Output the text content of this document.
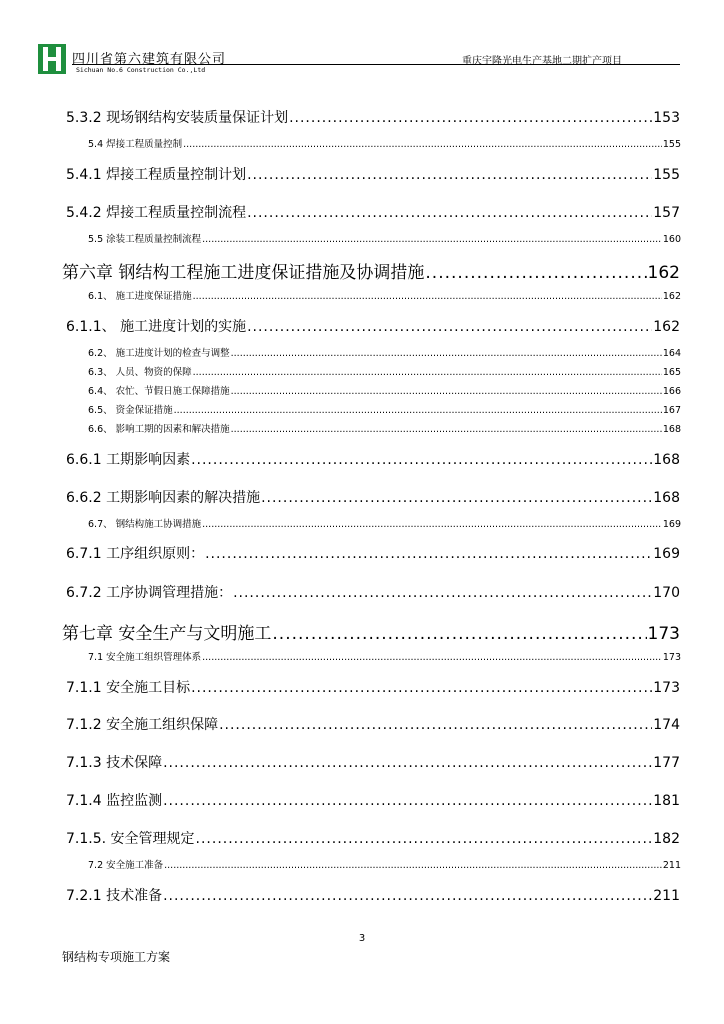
四川省第六建筑有限公司	重庆宇隆光电生产基地二期扩产项目
Sichuan No.6 Construction Co.,Ltd
5.3.2 现场钢结构安装质量保证计划 .....	153
5.4 焊接工程质量控制 .....	155
5.4.1 焊接工程质量控制计划 .....	155
5.4.2 焊接工程质量控制流程 .....	157
5.5 涂装工程质量控制流程 .....	160
第六章 钢结构工程施工进度保证措施及协调措施 .....	162
6.1、 施工进度保证措施 .....	162
6.1.1、 施工进度计划的实施 .....	162
6.2、 施工进度计划的检查与调整 .....	164
6.3、 人员、物资的保障 .....	165
6.4、 农忙、节假日施工保障措施 .....	166
6.5、 资金保证措施 .....	167
6.6、 影响工期的因素和解决措施 .....	168
6.6.1 工期影响因素 .....	168
6.6.2 工期影响因素的解决措施 .....	168
6.7、 钢结构施工协调措施 .....	169
6.7.1 工序组织原则： .....	169
6.7.2 工序协调管理措施： .....	170
第七章 安全生产与文明施工 .....	173
7.1 安全施工组织管理体系 .....	173
7.1.1 安全施工目标 .....	173
7.1.2 安全施工组织保障 .....	174
7.1.3 技术保障 .....	177
7.1.4 监控监测 .....	181
7.1.5. 安全管理规定 .....	182
7.2 安全施工准备 .....	211
7.2.1 技术准备 .....	211
3
钢结构专项施工方案
